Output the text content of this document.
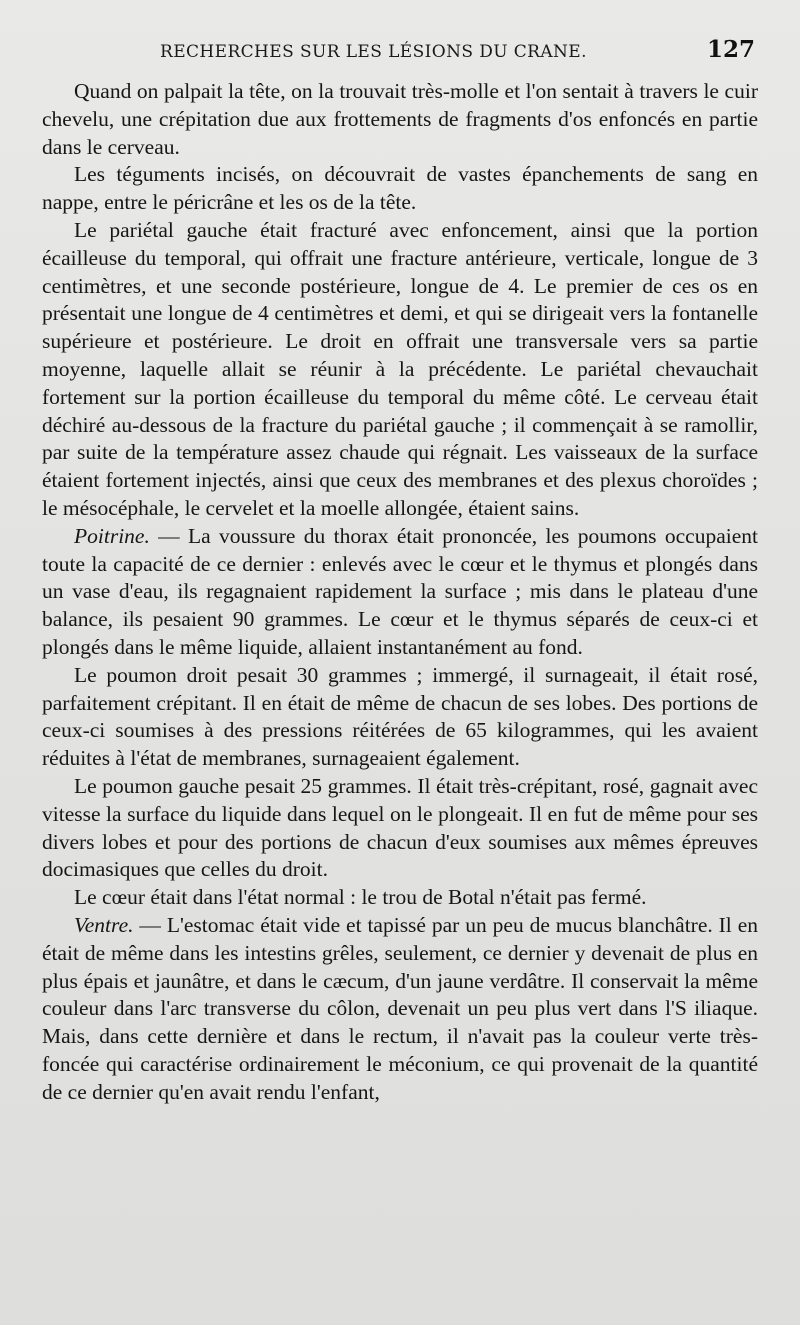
RECHERCHES SUR LES LÉSIONS DU CRANE.	127

Quand on palpait la tête, on la trouvait très-molle et l'on sentait à travers le cuir chevelu, une crépitation due aux frottements de fragments d'os enfoncés en partie dans le cerveau.

Les téguments incisés, on découvrait de vastes épanchements de sang en nappe, entre le péricrâne et les os de la tête.

Le pariétal gauche était fracturé avec enfoncement, ainsi que la portion écailleuse du temporal, qui offrait une fracture antérieure, verticale, longue de 3 centimètres, et une seconde postérieure, longue de 4. Le premier de ces os en présentait une longue de 4 centimètres et demi, et qui se dirigeait vers la fontanelle supérieure et postérieure. Le droit en offrait une transversale vers sa partie moyenne, laquelle allait se réunir à la précédente. Le pariétal chevauchait fortement sur la portion écailleuse du temporal du même côté. Le cerveau était déchiré au-dessous de la fracture du pariétal gauche ; il commençait à se ramollir, par suite de la température assez chaude qui régnait. Les vaisseaux de la surface étaient fortement injectés, ainsi que ceux des membranes et des plexus choroïdes ; le mésocéphale, le cervelet et la moelle allongée, étaient sains.

Poitrine. — La voussure du thorax était prononcée, les poumons occupaient toute la capacité de ce dernier : enlevés avec le cœur et le thymus et plongés dans un vase d'eau, ils regagnaient rapidement la surface ; mis dans le plateau d'une balance, ils pesaient 90 grammes. Le cœur et le thymus séparés de ceux-ci et plongés dans le même liquide, allaient instantanément au fond.

Le poumon droit pesait 30 grammes ; immergé, il surnageait, il était rosé, parfaitement crépitant. Il en était de même de chacun de ses lobes. Des portions de ceux-ci soumises à des pressions réitérées de 65 kilogrammes, qui les avaient réduites à l'état de membranes, surnageaient également.

Le poumon gauche pesait 25 grammes. Il était très-crépitant, rosé, gagnait avec vitesse la surface du liquide dans lequel on le plongeait. Il en fut de même pour ses divers lobes et pour des portions de chacun d'eux soumises aux mêmes épreuves docimasiques que celles du droit.

Le cœur était dans l'état normal : le trou de Botal n'était pas fermé.

Ventre. — L'estomac était vide et tapissé par un peu de mucus blanchâtre. Il en était de même dans les intestins grêles, seulement, ce dernier y devenait de plus en plus épais et jaunâtre, et dans le cæcum, d'un jaune verdâtre. Il conservait la même couleur dans l'arc transverse du côlon, devenait un peu plus vert dans l'S iliaque. Mais, dans cette dernière et dans le rectum, il n'avait pas la couleur verte très-foncée qui caractérise ordinairement le méconium, ce qui provenait de la quantité de ce dernier qu'en avait rendu l'enfant,
